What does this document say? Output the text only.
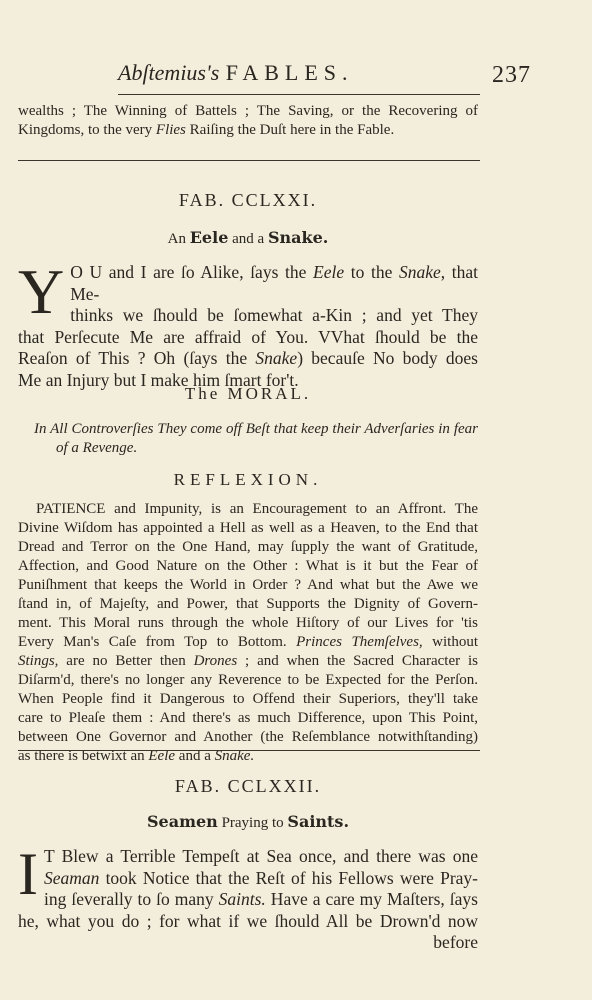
Abſtemius's FABLES.	237
wealths ; The Winning of Battels ; The Saving, or the Recovering of
Kingdoms, to the very Flies Raiſing the Duſt here in the Fable.
FAB. CCLXXI.
An Eele and a Snake.
Y O U and I are ſo Alike, ſays the Eele to the Snake, that Me-
thinks we ſhould be ſomewhat a-Kin ; and yet They
that Perſecute Me are affraid of You. VVhat ſhould be the
Reaſon of This ? Oh (ſays the Snake) becauſe No body does
Me an Injury but I make him ſmart for't.
The MORAL.
In All Controverſies They come off Beſt that keep their Adverſaries in fear
of a Revenge.
REFLEXION.
PATIENCE and Impunity, is an Encouragement to an Affront. The
Divine Wiſdom has appointed a Hell as well as a Heaven, to the End that
Dread and Terror on the One Hand, may ſupply the want of Gratitude,
Affection, and Good Nature on the Other : What is it but the Fear of
Puniſhment that keeps the World in Order ? And what but the Awe we
ſtand in, of Majeſty, and Power, that Supports the Dignity of Govern-
ment. This Moral runs through the whole Hiſtory of our Lives for 'tis
Every Man's Caſe from Top to Bottom. Princes Themſelves, without
Stings, are no Better then Drones ; and when the Sacred Character is
Diſarm'd, there's no longer any Reverence to be Expected for the Perſon.
When People find it Dangerous to Offend their Superiors, they'll take
care to Pleaſe them : And there's as much Difference, upon This Point,
between One Governor and Another (the Reſemblance notwithſtanding)
as there is betwixt an Eele and a Snake.
FAB. CCLXXII.
Seamen Praying to Saints.
I T Blew a Terrible Tempeſt at Sea once, and there was one
Seaman took Notice that the Reſt of his Fellows were Pray-
ing ſeverally to ſo many Saints. Have a care my Maſters, ſays
he, what you do ; for what if we ſhould All be Drown'd now
before
